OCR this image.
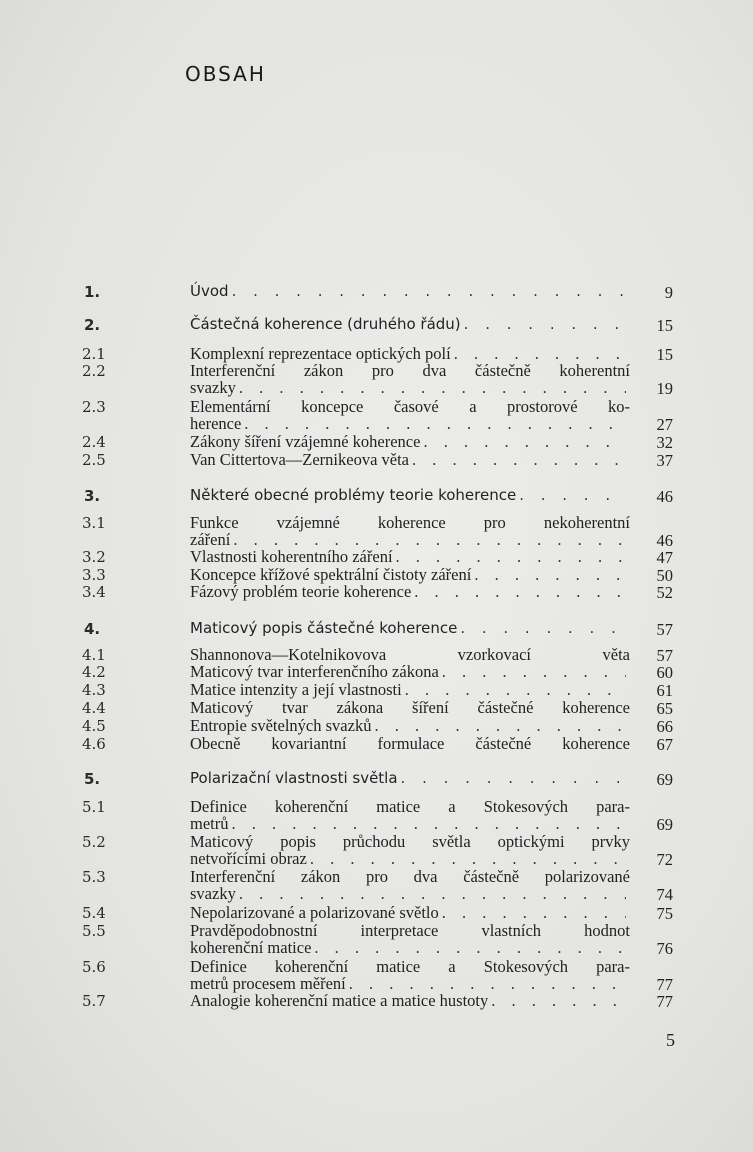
OBSAH
1.	Úvod . . .	9
2.	Částečná koherence (druhého řádu) . . .	15
2.1	Komplexní reprezentace optických polí . . .	15
2.2	Interferenční zákon pro dva částečně koherentní
svazky . . .	19
2.3	Elementární koncepce časové a prostorové ko-
herence . . .	27
2.4	Zákony šíření vzájemné koherence . . .	32
2.5	Van Cittertova—Zernikeova věta . . .	37
3.	Některé obecné problémy teorie koherence . . .	46
3.1	Funkce vzájemné koherence pro nekoherentní
záření . . .	46
3.2	Vlastnosti koherentního záření . . .	47
3.3	Koncepce křížové spektrální čistoty záření . . .	50
3.4	Fázový problém teorie koherence . . .	52
4.	Maticový popis částečné koherence . . .	57
4.1	Shannonova—Kotelnikovova vzorkovací věta 57
4.2	Maticový tvar interferenčního zákona . . .	60
4.3	Matice intenzity a její vlastnosti . . .	61
4.4	Maticový tvar zákona šíření částečné koherence 65
4.5	Entropie světelných svazků . . .	66
4.6	Obecně kovariantní formulace částečné koherence 67
5.	Polarizační vlastnosti světla . . .	69
5.1	Definice koherenční matice a Stokesových para-
metrů . . .	69
5.2	Maticový popis průchodu světla optickými prvky
netvořícími obraz . . .	72
5.3	Interferenční zákon pro dva částečně polarizované
svazky . . .	74
5.4	Nepolarizované a polarizované světlo . . .	75
5.5	Pravděpodobnostní interpretace vlastních hodnot
koherenční matice . . .	76
5.6	Definice koherenční matice a Stokesových para-
metrů procesem měření . . .	77
5.7	Analogie koherenční matice a matice hustoty . . .	77
5
